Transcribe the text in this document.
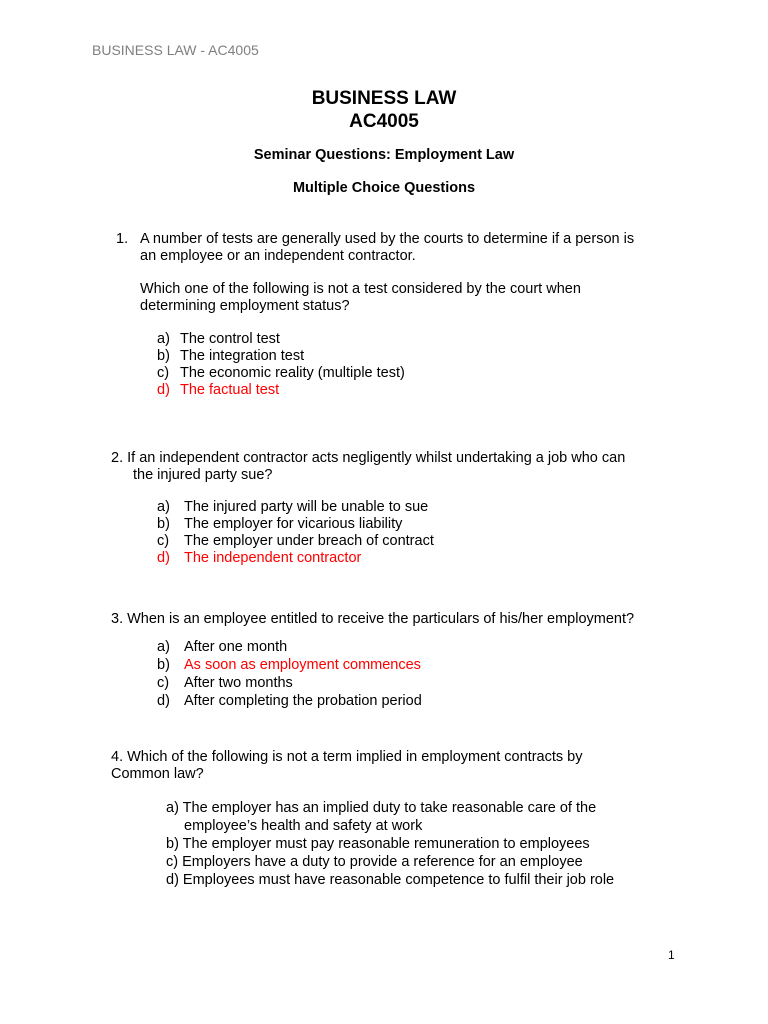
BUSINESS LAW - AC4005
BUSINESS LAW
AC4005
Seminar Questions: Employment Law
Multiple Choice Questions
1. A number of tests are generally used by the courts to determine if a person is
an employee or an independent contractor.
Which one of the following is not a test considered by the court when
determining employment status?
a) The control test
b) The integration test
c) The economic reality (multiple test)
d) The factual test
2. If an independent contractor acts negligently whilst undertaking a job who can
the injured party sue?
a) The injured party will be unable to sue
b) The employer for vicarious liability
c) The employer under breach of contract
d) The independent contractor
3. When is an employee entitled to receive the particulars of his/her employment?
a) After one month
b) As soon as employment commences
c) After two months
d) After completing the probation period
4. Which of the following is not a term implied in employment contracts by
Common law?
a) The employer has an implied duty to take reasonable care of the
employee’s health and safety at work
b) The employer must pay reasonable remuneration to employees
c) Employers have a duty to provide a reference for an employee
d) Employees must have reasonable competence to fulfil their job role
1
